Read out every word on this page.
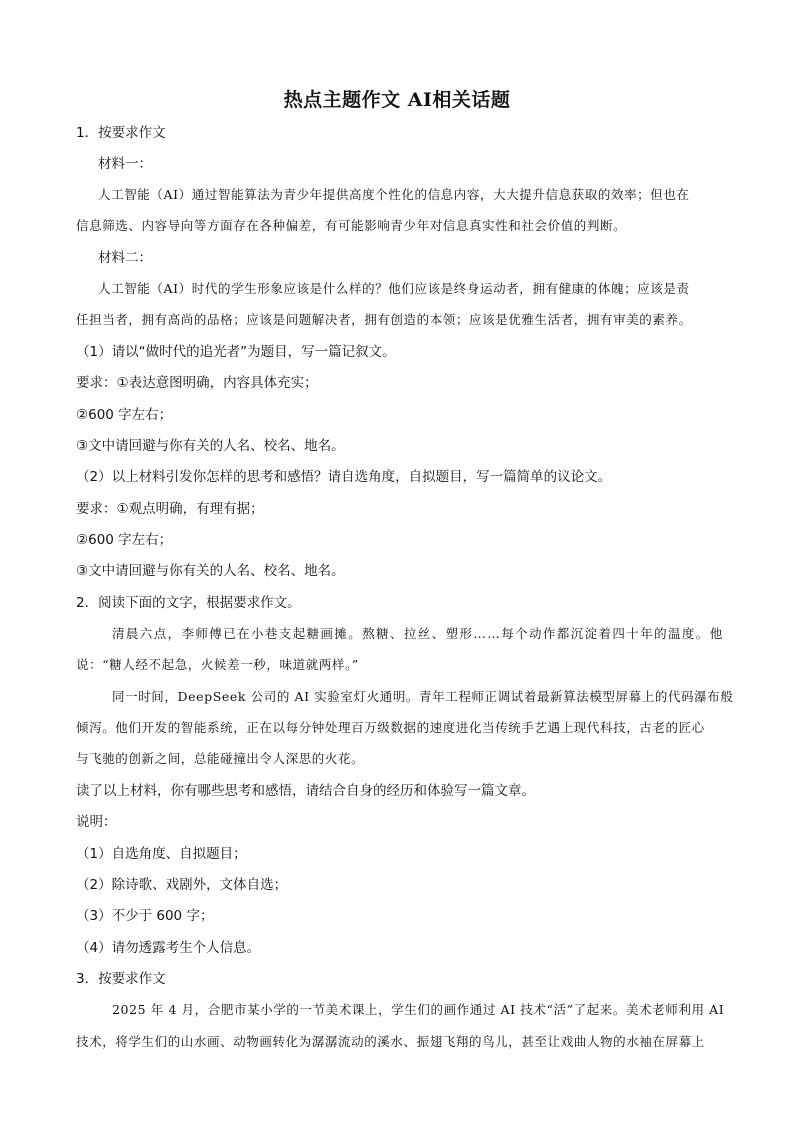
热点主题作文 AI相关话题
1．按要求作文
材料一：
人工智能（AI）通过智能算法为青少年提供高度个性化的信息内容，大大提升信息获取的效率；但也在
信息筛选、内容导向等方面存在各种偏差，有可能影响青少年对信息真实性和社会价值的判断。
材料二：
人工智能（AI）时代的学生形象应该是什么样的？他们应该是终身运动者，拥有健康的体魄；应该是责
任担当者，拥有高尚的品格；应该是问题解决者，拥有创造的本领；应该是优雅生活者，拥有审美的素养。
（1）请以“做时代的追光者”为题目，写一篇记叙文。
要求：①表达意图明确，内容具体充实；
②600 字左右；
③文中请回避与你有关的人名、校名、地名。
（2）以上材料引发你怎样的思考和感悟？请自选角度，自拟题目，写一篇简单的议论文。
要求：①观点明确，有理有据；
②600 字左右；
③文中请回避与你有关的人名、校名、地名。
2．阅读下面的文字，根据要求作文。
清晨六点，李师傅已在小巷支起糖画摊。熬糖、拉丝、塑形……每个动作都沉淀着四十年的温度。他
说：“糖人经不起急，火候差一秒，味道就两样。”
同一时间，DeepSeek 公司的 AI 实验室灯火通明。青年工程师正调试着最新算法模型屏幕上的代码瀑布般
倾泻。他们开发的智能系统，正在以每分钟处理百万级数据的速度进化当传统手艺遇上现代科技，古老的匠心
与飞驰的创新之间，总能碰撞出令人深思的火花。
读了以上材料，你有哪些思考和感悟，请结合自身的经历和体验写一篇文章。
说明：
（1）自选角度、自拟题目；
（2）除诗歌、戏剧外，文体自选；
（3）不少于 600 字；
（4）请勿透露考生个人信息。
3．按要求作文
2025 年 4 月，合肥市某小学的一节美术课上，学生们的画作通过 AI 技术“活”了起来。美术老师利用 AI
技术，将学生们的山水画、动物画转化为潺潺流动的溪水、振翅飞翔的鸟儿，甚至让戏曲人物的水袖在屏幕上
